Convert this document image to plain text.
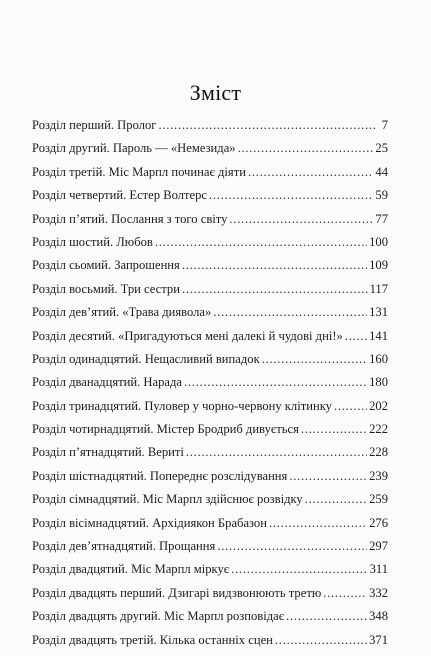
Зміст
Розділ перший. Пролог . . .	7
Розділ другий. Пароль — «Немезида» . . .	25
Розділ третій. Міс Марпл починає діяти . . .	44
Розділ четвертий. Естер Волтерс . . .	59
Розділ п’ятий. Послання з того світу . . .	77
Розділ шостий. Любов . . .	100
Розділ сьомий. Запрошення . . .	109
Розділ восьмий. Три сестри . . .	117
Розділ дев’ятий. «Трава диявола» . . .	131
Розділ десятий. «Пригадуються мені далекі й чудові дні!» . . . 141
Розділ одинадцятий. Нещасливий випадок . . .	160
Розділ дванадцятий. Нарада . . .	180
Розділ тринадцятий. Пуловер у чорно-червону клітинку . . .	202
Розділ чотирнадцятий. Містер Бродриб дивується . . .	222
Розділ п’ятнадцятий. Вериті . . .	228
Розділ шістнадцятий. Попереднє розслідування . . .	239
Розділ сімнадцятий. Міс Марпл здійснює розвідку . . .	259
Розділ вісімнадцятий. Архідиякон Брабазон . . .	276
Розділ дев’ятнадцятий. Прощання . . .	297
Розділ двадцятий. Міс Марпл міркує . . .	311
Розділ двадцять перший. Дзигарі видзвонюють третю . . .	332
Розділ двадцять другий. Міс Марпл розповідає . . .	348
Розділ двадцять третій. Кілька останніх сцен . . .	371
